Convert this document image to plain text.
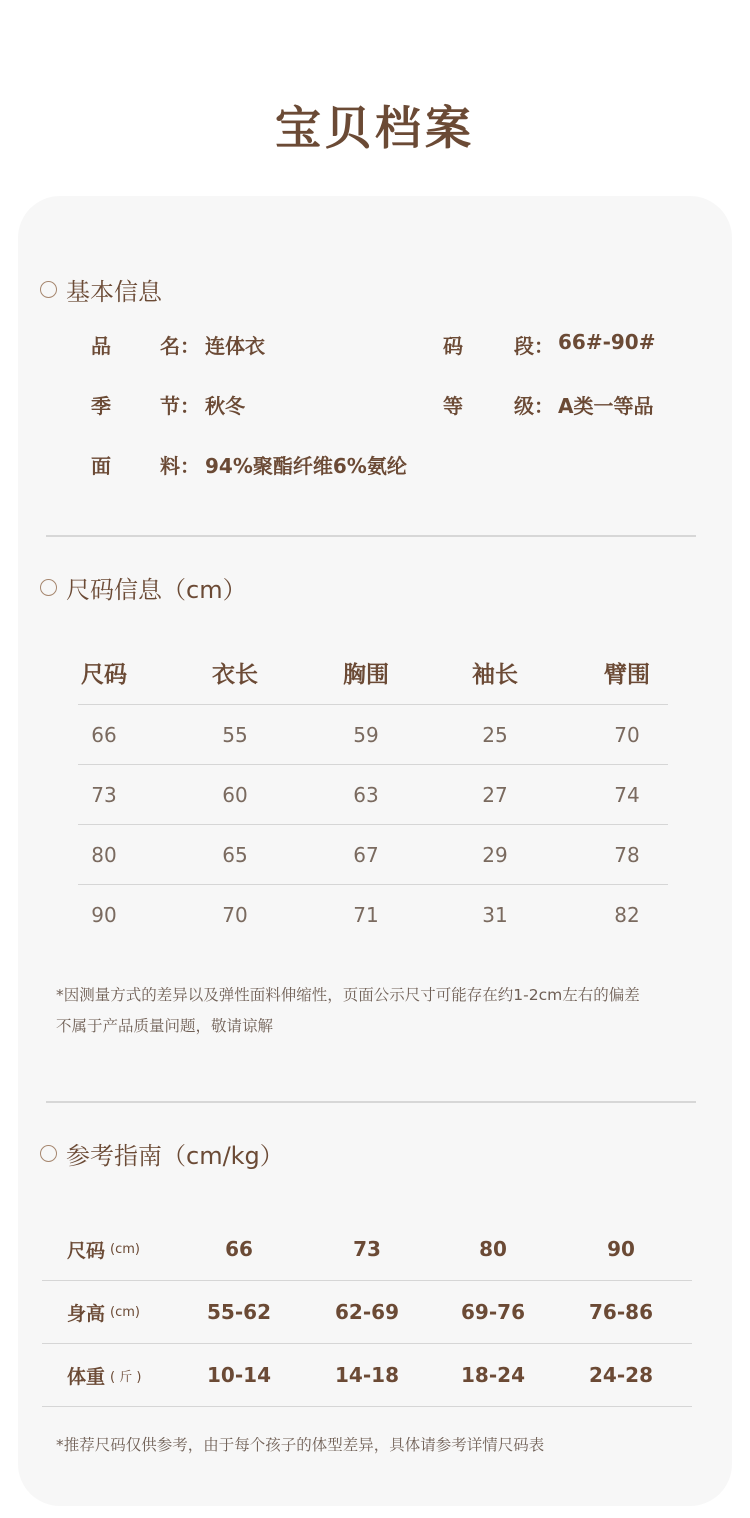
宝贝档案
基本信息
品 名： 连体衣	码	段： 66#-90#
季 节： 秋冬	等	级： A类一等品
面 料： 94%聚酯纤维6%氨纶
尺码信息（cm）
尺码	衣长	胸围	袖长	臂围
66	55	59	25	70
73	60	63	27	74
80	65	67	29	78
90	70	71	31	82
*因测量方式的差异以及弹性面料伸缩性，页面公示尺寸可能存在约1-2cm左右的偏差
不属于产品质量问题，敬请谅解
参考指南（cm/kg）
尺码 (cm)	66	73	80	90
身高 (cm)	55-62	62-69	69-76	76-86
体重 ( 斤 )	10-14	14-18	18-24	24-28
*推荐尺码仅供参考，由于每个孩子的体型差异，具体请参考详情尺码表
